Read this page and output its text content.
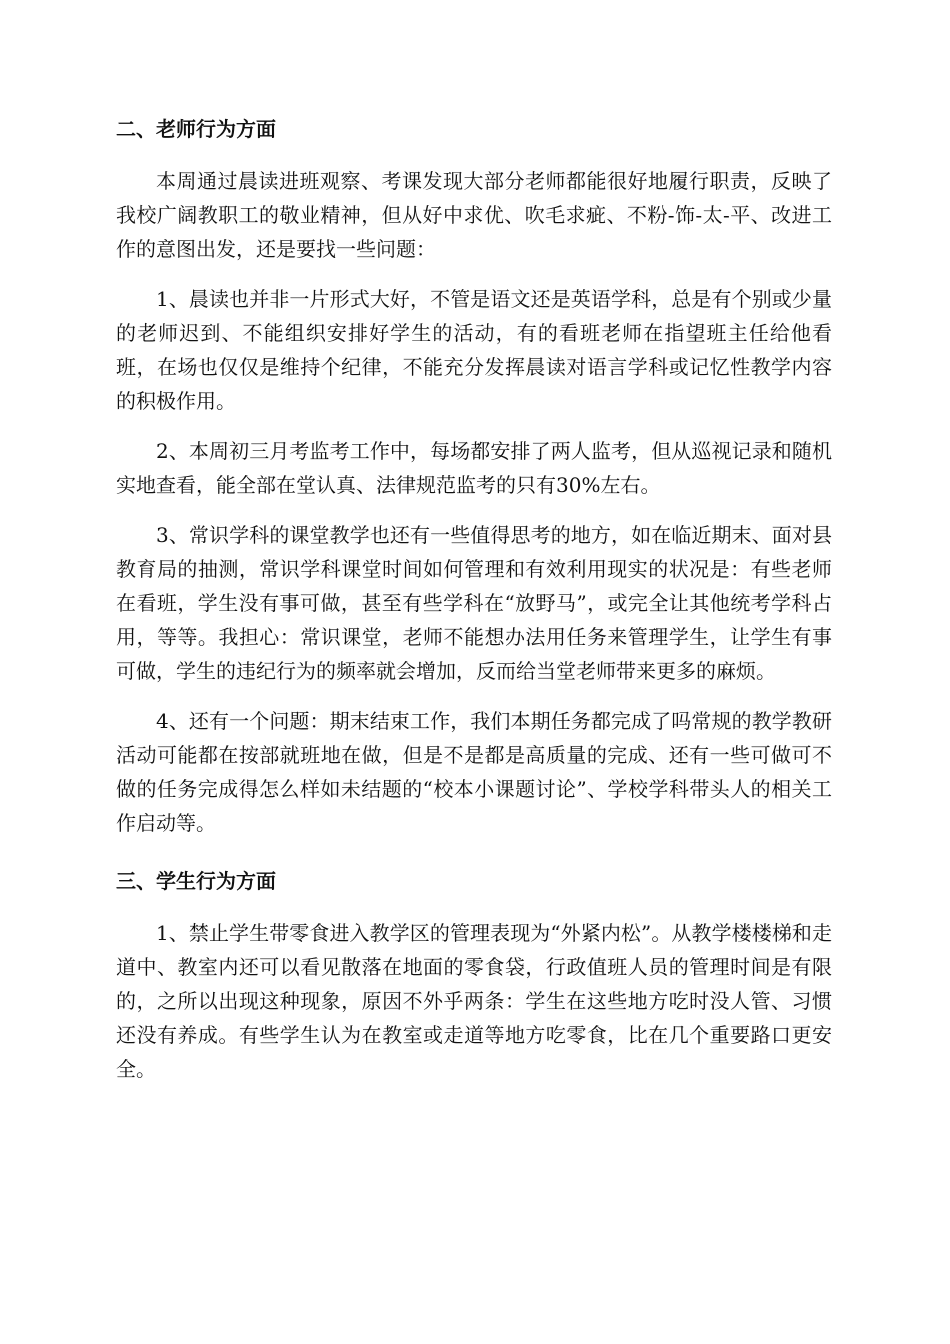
二、老师行为方面

本周通过晨读进班观察、考课发现大部分老师都能很好地履行职责，反映了我校广阔教职工的敬业精神，但从好中求优、吹毛求疵、不粉-饰-太-平、改进工作的意图出发，还是要找一些问题：

1、晨读也并非一片形式大好，不管是语文还是英语学科，总是有个别或少量的老师迟到、不能组织安排好学生的活动，有的看班老师在指望班主任给他看班，在场也仅仅是维持个纪律，不能充分发挥晨读对语言学科或记忆性教学内容的积极作用。

2、本周初三月考监考工作中，每场都安排了两人监考，但从巡视记录和随机实地查看，能全部在堂认真、法律规范监考的只有30%左右。

3、常识学科的课堂教学也还有一些值得思考的地方，如在临近期末、面对县教育局的抽测，常识学科课堂时间如何管理和有效利用现实的状况是：有些老师在看班，学生没有事可做，甚至有些学科在“放野马”，或完全让其他统考学科占用，等等。我担心：常识课堂，老师不能想办法用任务来管理学生，让学生有事可做，学生的违纪行为的频率就会增加，反而给当堂老师带来更多的麻烦。

4、还有一个问题：期末结束工作，我们本期任务都完成了吗常规的教学教研活动可能都在按部就班地在做，但是不是都是高质量的完成、还有一些可做可不做的任务完成得怎么样如未结题的“校本小课题讨论”、学校学科带头人的相关工作启动等。

三、学生行为方面

1、禁止学生带零食进入教学区的管理表现为“外紧内松”。从教学楼楼梯和走道中、教室内还可以看见散落在地面的零食袋，行政值班人员的管理时间是有限的，之所以出现这种现象，原因不外乎两条：学生在这些地方吃时没人管、习惯还没有养成。有些学生认为在教室或走道等地方吃零食，比在几个重要路口更安全。
